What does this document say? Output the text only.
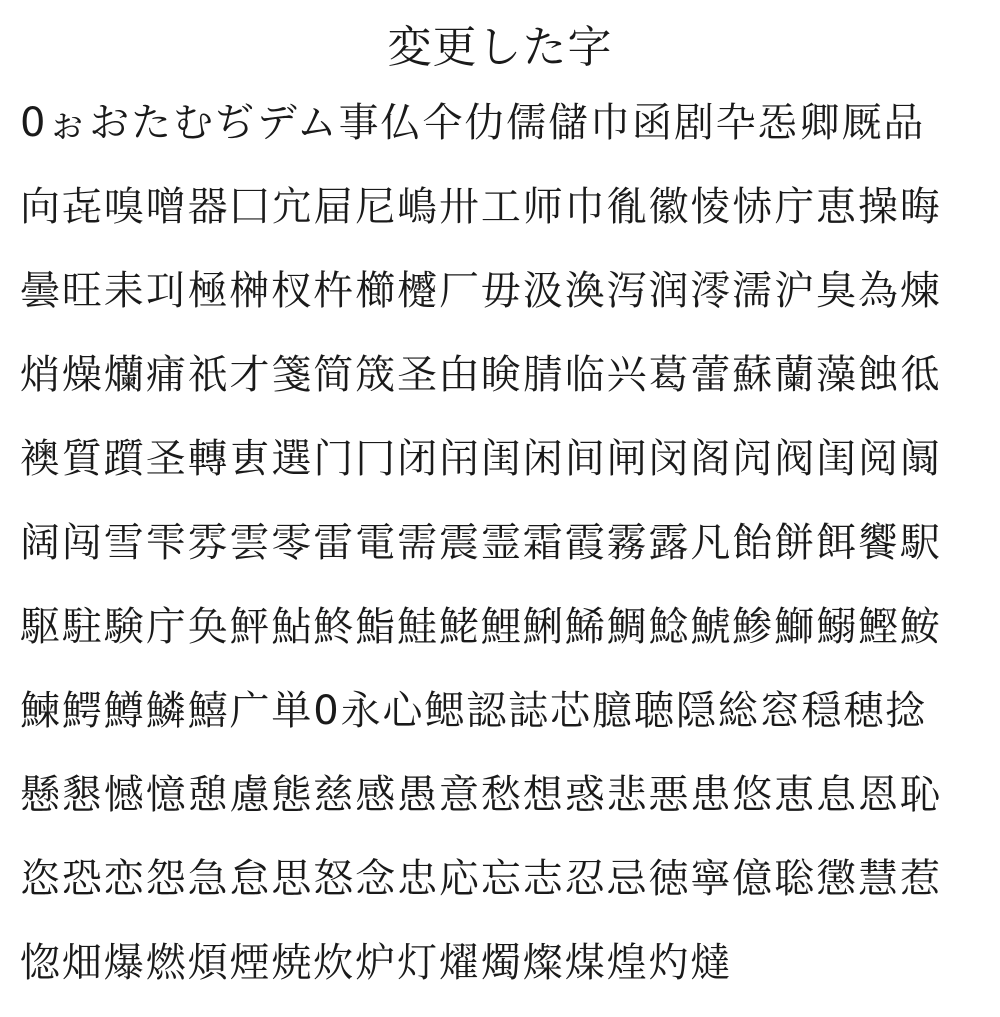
変更した字
0ぉおたむぢデム事仏仐仂儒儲巾函剧卆㤅卿厩品
向㐂嗅噌器囗宂屇尼嶋卅工师巾㣧徽㥄㤸庁恵操晦
曇旺耒㓚極榊杈杵櫛㰗厂毋汲渙泻润澪濡沪臭為煉
焇燥爤痡祇才箋简筬圣甶𥇥腈临兴葛蕾蘇蘭藻蝕彽
襖質躓圣轉叀選门冂闭闬闺闲间闸闵阁闶阀闺阅阘
阔闯雪雫雰雲零雷電需震霊霜霞霧露凡飴餅餌饗駅
駆駐験庁奂鮃鮎鮗鮨鮭鮱鯉鯏鯑鯛鯰鯱鯵鰤鰯鰹鮟
鰊鰐鱒鱗鱚广単0永心鳃認誌芯臆聴隠総窓穏穂捻
懸懇憾憶憩慮態慈感愚意愁想惑悲悪患悠恵息恩恥
恣恐恋怨急怠思怒念忠応忘志忍忌徳寧億聡懲慧惹
惚畑爆燃煩煙焼炊炉灯燿燭燦煤煌灼燵
